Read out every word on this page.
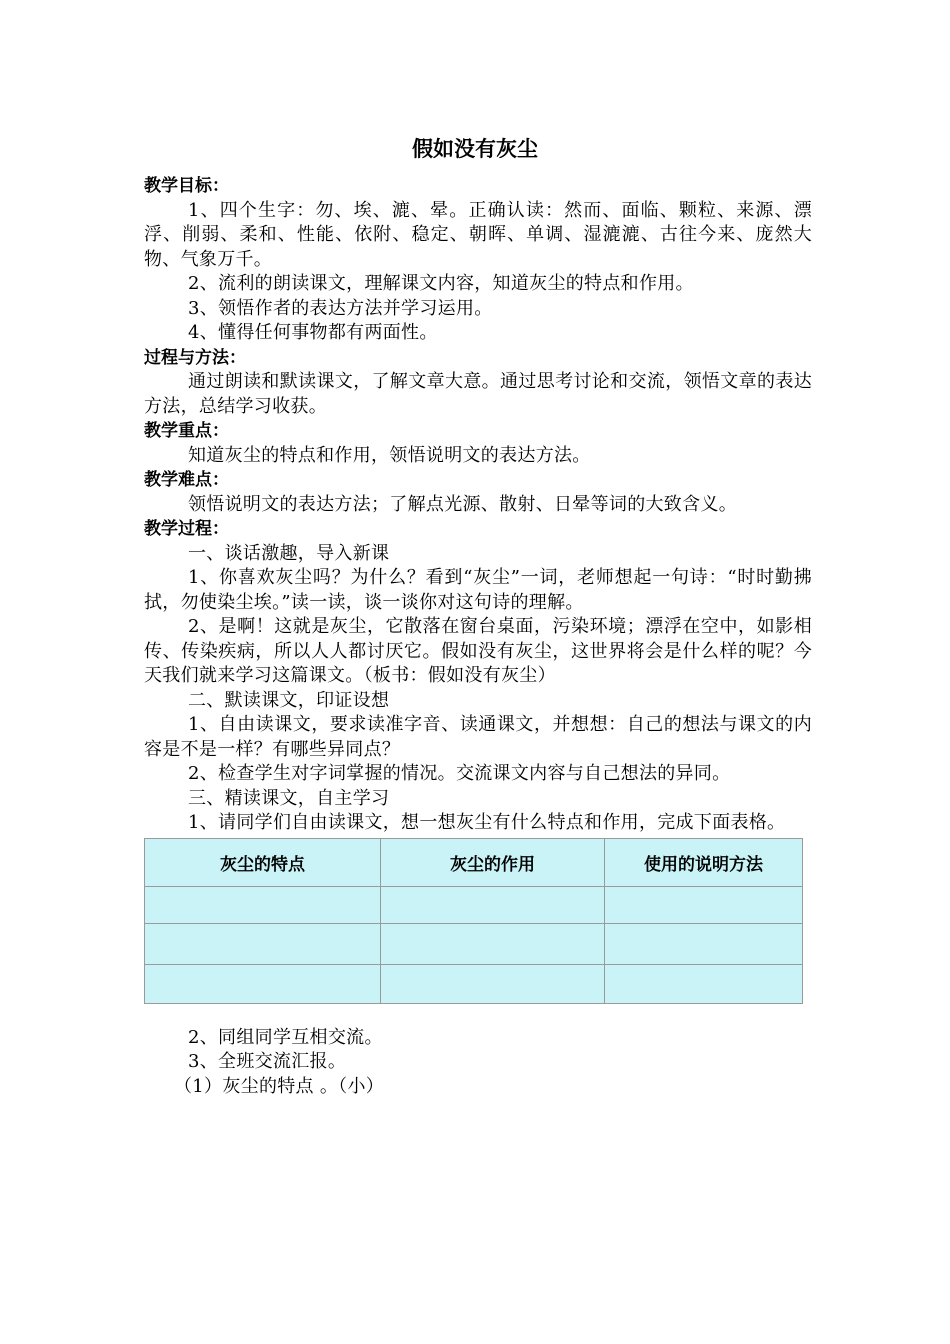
假如没有灰尘

教学目标：

1、四个生字：勿、埃、漉、晕。正确认读：然而、面临、颗粒、来源、漂浮、削弱、柔和、性能、依附、稳定、朝晖、单调、湿漉漉、古往今来、庞然大物、气象万千。

2、流利的朗读课文，理解课文内容，知道灰尘的特点和作用。

3、领悟作者的表达方法并学习运用。

4、懂得任何事物都有两面性。

过程与方法：

通过朗读和默读课文，了解文章大意。通过思考讨论和交流，领悟文章的表达方法，总结学习收获。

教学重点：

知道灰尘的特点和作用，领悟说明文的表达方法。

教学难点：

领悟说明文的表达方法；了解点光源、散射、日晕等词的大致含义。

教学过程：

一、谈话激趣，导入新课

1、你喜欢灰尘吗？为什么？看到“灰尘”一词，老师想起一句诗：“时时勤拂拭，勿使染尘埃。”读一读，谈一谈你对这句诗的理解。

2、是啊！这就是灰尘，它散落在窗台桌面，污染环境；漂浮在空中，如影相传、传染疾病，所以人人都讨厌它。假如没有灰尘，这世界将会是什么样的呢？今天我们就来学习这篇课文。（板书：假如没有灰尘）

二、默读课文，印证设想

1、自由读课文，要求读准字音、读通课文，并想想：自己的想法与课文的内容是不是一样？有哪些异同点？

2、检查学生对字词掌握的情况。交流课文内容与自己想法的异同。

三、精读课文，自主学习

1、请同学们自由读课文，想一想灰尘有什么特点和作用，完成下面表格。

灰尘的特点	灰尘的作用	使用的说明方法

2、同组同学互相交流。

3、全班交流汇报。

（1）灰尘的特点 。（小）
